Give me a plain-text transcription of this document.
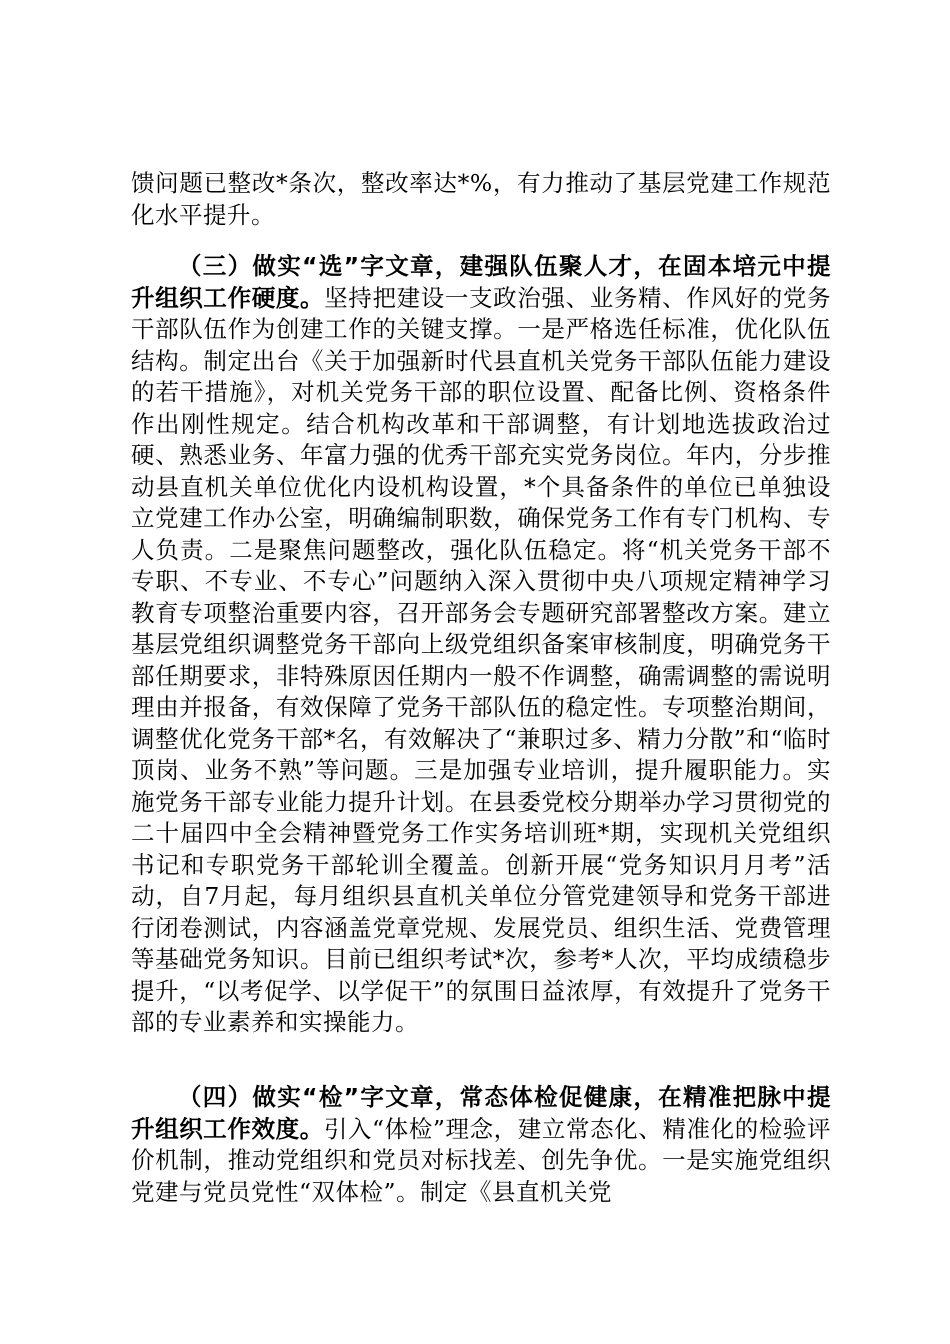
馈问题已整改*条次，整改率达*%，有力推动了基层党建工作规范化水平提升。

（三）做实“选”字文章，建强队伍聚人才，在固本培元中提升组织工作硬度。坚持把建设一支政治强、业务精、作风好的党务干部队伍作为创建工作的关键支撑。一是严格选任标准，优化队伍结构。制定出台《关于加强新时代县直机关党务干部队伍能力建设的若干措施》，对机关党务干部的职位设置、配备比例、资格条件作出刚性规定。结合机构改革和干部调整，有计划地选拔政治过硬、熟悉业务、年富力强的优秀干部充实党务岗位。年内，分步推动县直机关单位优化内设机构设置，*个具备条件的单位已单独设立党建工作办公室，明确编制职数，确保党务工作有专门机构、专人负责。二是聚焦问题整改，强化队伍稳定。将“机关党务干部不专职、不专业、不专心”问题纳入深入贯彻中央八项规定精神学习教育专项整治重要内容，召开部务会专题研究部署整改方案。建立基层党组织调整党务干部向上级党组织备案审核制度，明确党务干部任期要求，非特殊原因任期内一般不作调整，确需调整的需说明理由并报备，有效保障了党务干部队伍的稳定性。专项整治期间，调整优化党务干部*名，有效解决了“兼职过多、精力分散”和“临时顶岗、业务不熟”等问题。三是加强专业培训，提升履职能力。实施党务干部专业能力提升计划。在县委党校分期举办学习贯彻党的二十届四中全会精神暨党务工作实务培训班*期，实现机关党组织书记和专职党务干部轮训全覆盖。创新开展“党务知识月月考”活动，自7月起，每月组织县直机关单位分管党建领导和党务干部进行闭卷测试，内容涵盖党章党规、发展党员、组织生活、党费管理等基础党务知识。目前已组织考试*次，参考*人次，平均成绩稳步提升，“以考促学、以学促干”的氛围日益浓厚，有效提升了党务干部的专业素养和实操能力。

（四）做实“检”字文章，常态体检促健康，在精准把脉中提升组织工作效度。引入“体检”理念，建立常态化、精准化的检验评价机制，推动党组织和党员对标找差、创先争优。一是实施党组织党建与党员党性“双体检”。制定《县直机关党
